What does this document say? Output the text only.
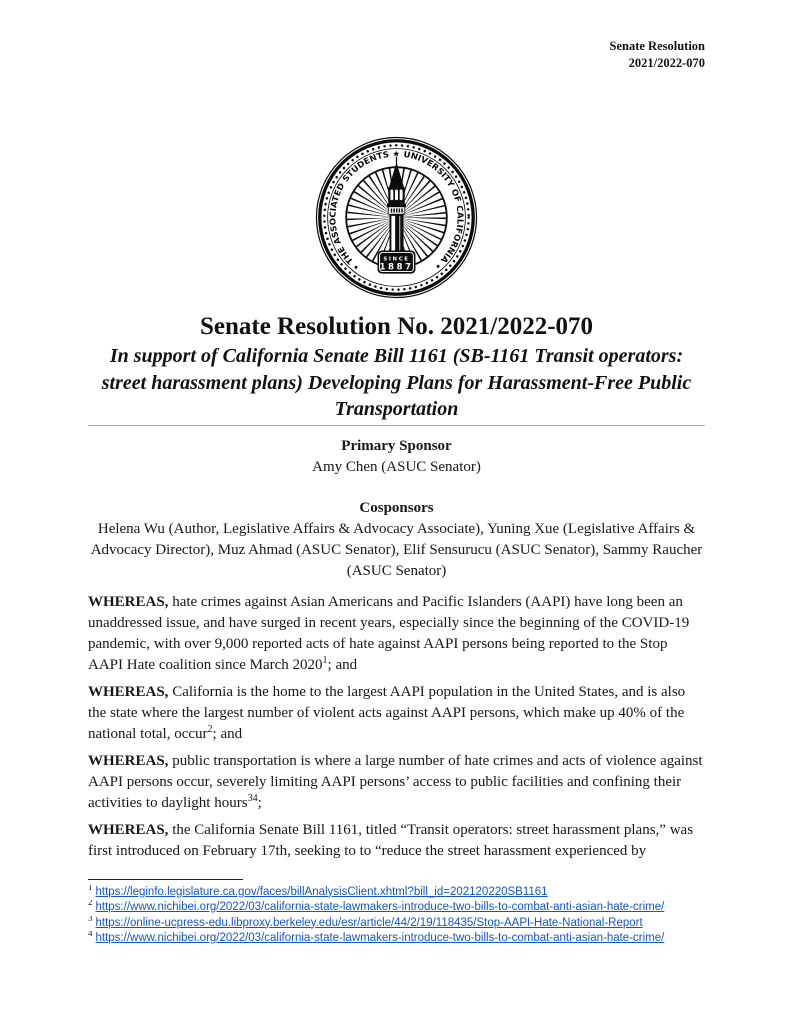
Senate Resolution
2021/2022-070
• THE ASSOCIATED STUDENTS ★ UNIVERSITY OF CALIFORNIA •
SINCE
1887
Senate Resolution No. 2021/2022-070

In support of California Senate Bill 1161 (SB-1161 Transit operators: street harassment plans) Developing Plans for Harassment-Free Public Transportation

Primary Sponsor

Amy Chen (ASUC Senator)

Cosponsors

Helena Wu (Author, Legislative Affairs & Advocacy Associate), Yuning Xue (Legislative Affairs & Advocacy Director), Muz Ahmad (ASUC Senator), Elif Sensurucu (ASUC Senator), Sammy Raucher (ASUC Senator)

WHEREAS, hate crimes against Asian Americans and Pacific Islanders (AAPI) have long been an unaddressed issue, and have surged in recent years, especially since the beginning of the COVID-19 pandemic, with over 9,000 reported acts of hate against AAPI persons being reported to the Stop AAPI Hate coalition since March 2020$^1$; and

WHEREAS, California is the home to the largest AAPI population in the United States, and is also the state where the largest number of violent acts against AAPI persons, which make up 40% of the national total, occur$^2$; and

WHEREAS, public transportation is where a large number of hate crimes and acts of violence against AAPI persons occur, severely limiting AAPI persons’ access to public facilities and confining their activities to daylight hours$^{34}$;

WHEREAS, the California Senate Bill 1161, titled “Transit operators: street harassment plans,” was first introduced on February 17th, seeking to to “reduce the street harassment experienced by

$^1$ https://leginfo.legislature.ca.gov/faces/billAnalysisClient.xhtml?bill_id=202120220SB1161
$^2$ https://www.nichibei.org/2022/03/california-state-lawmakers-introduce-two-bills-to-combat-anti-asian-hate-crime/
$^3$ https://online-ucpress-edu.libproxy.berkeley.edu/esr/article/44/2/19/118435/Stop-AAPI-Hate-National-Report
$^4$ https://www.nichibei.org/2022/03/california-state-lawmakers-introduce-two-bills-to-combat-anti-asian-hate-crime/
